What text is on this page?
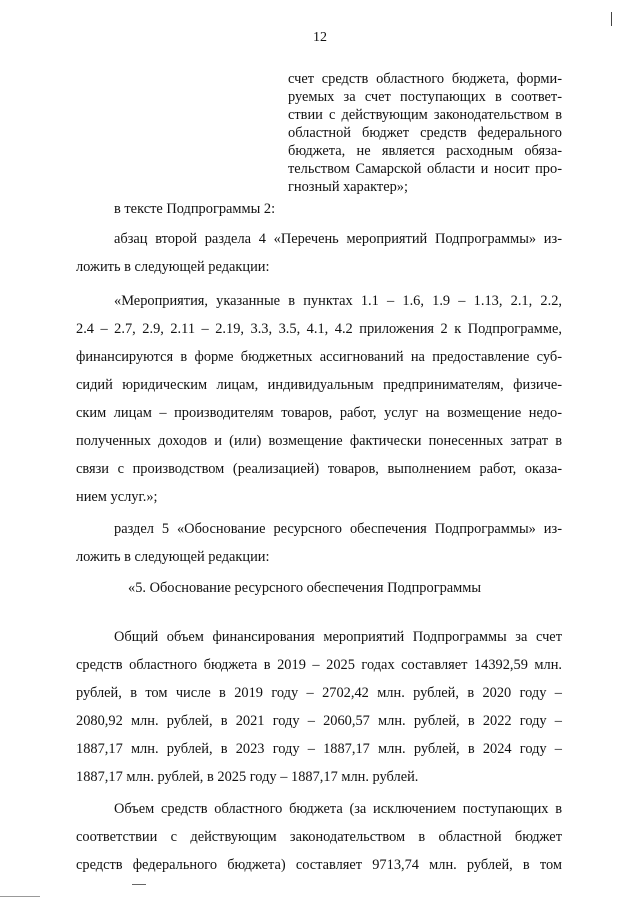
12
счет средств областного бюджета, форми-
руемых за счет поступающих в соответ-
ствии с действующим законодательством в
областной бюджет средств федерального
бюджета, не является расходным обяза-
тельством Самарской области и носит про-
гнозный характер»;
в тексте Подпрограммы 2:
абзац второй раздела 4 «Перечень мероприятий Подпрограммы» из-
ложить в следующей редакции:
«Мероприятия, указанные в пунктах 1.1 – 1.6, 1.9 – 1.13, 2.1, 2.2,
2.4 – 2.7, 2.9, 2.11 – 2.19, 3.3, 3.5, 4.1, 4.2 приложения 2 к Подпрограмме,
финансируются в форме бюджетных ассигнований на предоставление суб-
сидий юридическим лицам, индивидуальным предпринимателям, физиче-
ским лицам – производителям товаров, работ, услуг на возмещение недо-
полученных доходов и (или) возмещение фактически понесенных затрат в
связи с производством (реализацией) товаров, выполнением работ, оказа-
нием услуг.»;
раздел 5 «Обоснование ресурсного обеспечения Подпрограммы» из-
ложить в следующей редакции:
«5. Обоснование ресурсного обеспечения Подпрограммы
Общий объем финансирования мероприятий Подпрограммы за счет
средств областного бюджета в 2019 – 2025 годах составляет 14392,59 млн.
рублей, в том числе в 2019 году – 2702,42 млн. рублей, в 2020 году –
2080,92 млн. рублей, в 2021 году – 2060,57 млн. рублей, в 2022 году –
1887,17 млн. рублей, в 2023 году – 1887,17 млн. рублей, в 2024 году –
1887,17 млн. рублей, в 2025 году – 1887,17 млн. рублей.
Объем средств областного бюджета (за исключением поступающих в
соответствии с действующим законодательством в областной бюджет
средств федерального бюджета) составляет 9713,74 млн. рублей, в том
